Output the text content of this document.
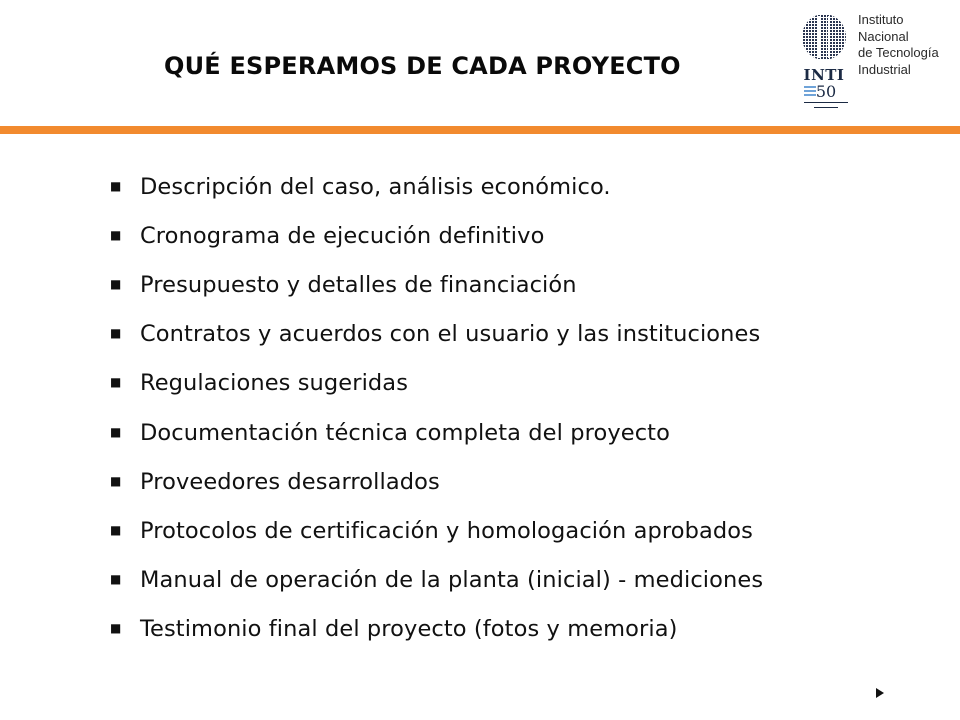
QUÉ ESPERAMOS DE CADA PROYECTO	INTI
50
Instituto
Nacional
de Tecnología
Industrial
■ Descripción del caso, análisis económico.
■ Cronograma de ejecución definitivo
■ Presupuesto y detalles de financiación
■ Contratos y acuerdos con el usuario y las instituciones
■ Regulaciones sugeridas
■ Documentación técnica completa del proyecto
■ Proveedores desarrollados
■ Protocolos de certificación y homologación aprobados
■ Manual de operación de la planta (inicial) - mediciones
■ Testimonio final del proyecto (fotos y memoria)
